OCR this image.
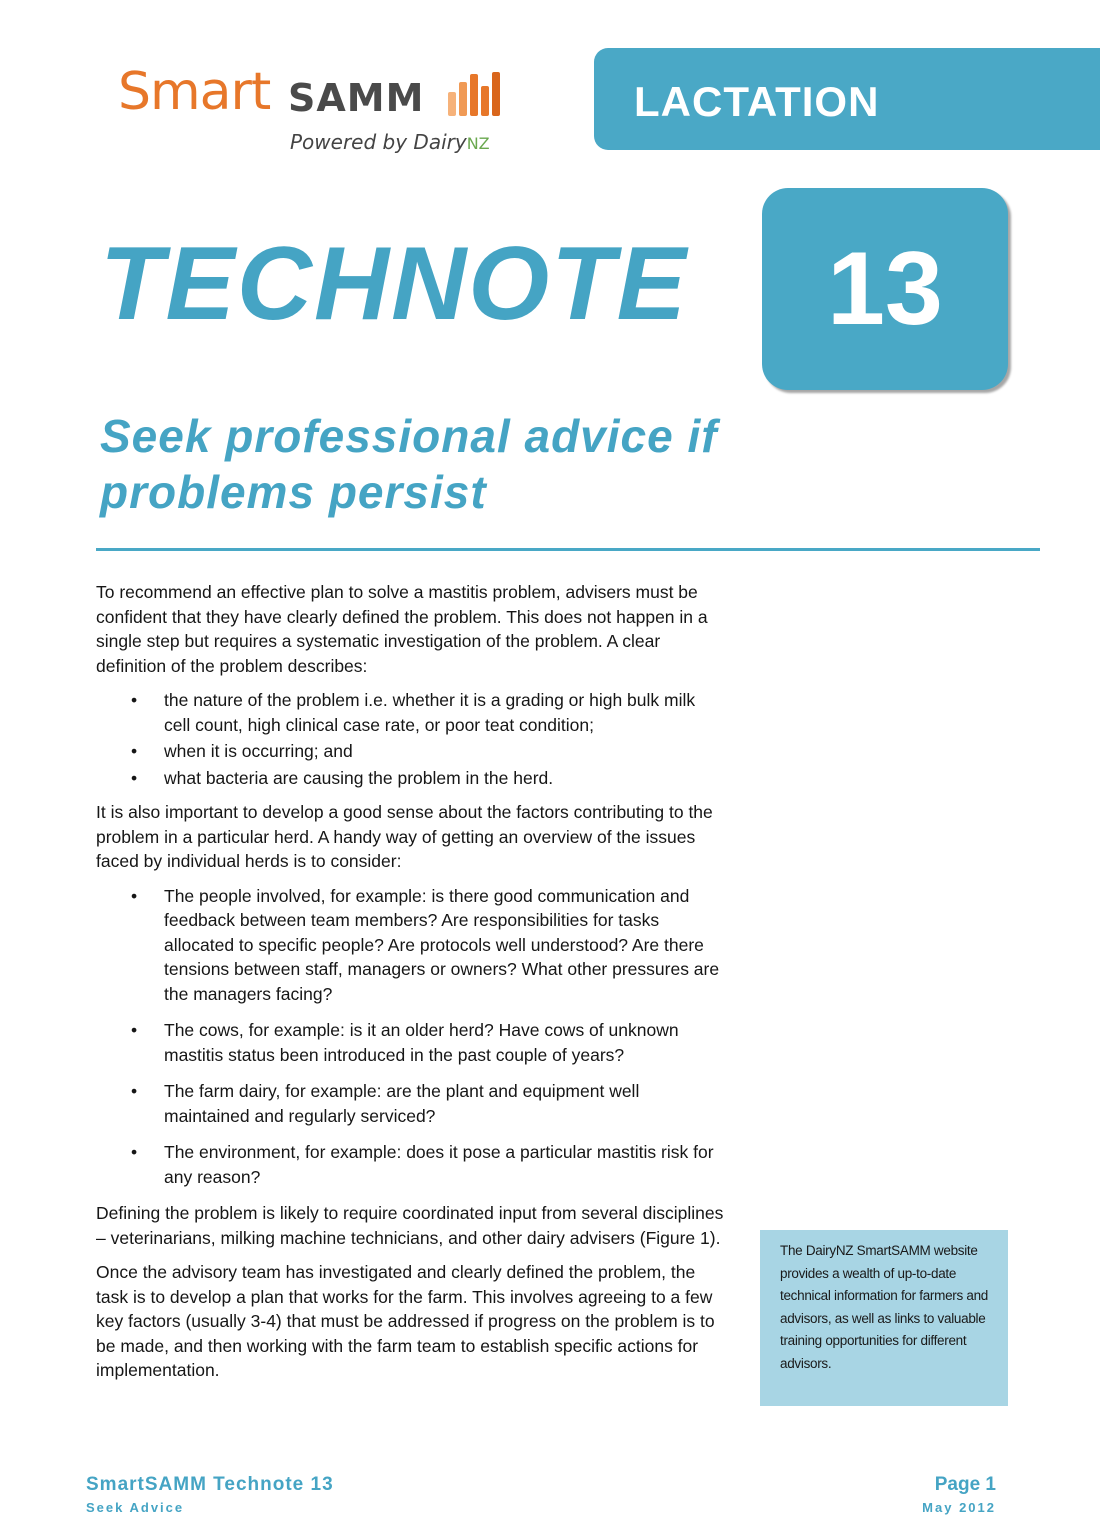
Smart SAMM
Powered by DairyNZ
LACTATION
TECHNOTE	13
Seek professional advice if
problems persist

To recommend an effective plan to solve a mastitis problem, advisers must be confident that they have clearly defined the problem. This does not happen in a single step but requires a systematic investigation of the problem. A clear definition of the problem describes:

• the nature of the problem i.e. whether it is a grading or high bulk milk cell count, high clinical case rate, or poor teat condition;
• when it is occurring; and
• what bacteria are causing the problem in the herd.

It is also important to develop a good sense about the factors contributing to the problem in a particular herd. A handy way of getting an overview of the issues faced by individual herds is to consider:

• The people involved, for example: is there good communication and feedback between team members? Are responsibilities for tasks allocated to specific people? Are protocols well understood? Are there tensions between staff, managers or owners? What other pressures are the managers facing?
• The cows, for example: is it an older herd? Have cows of unknown mastitis status been introduced in the past couple of years?
• The farm dairy, for example: are the plant and equipment well maintained and regularly serviced?
• The environment, for example: does it pose a particular mastitis risk for any reason?

Defining the problem is likely to require coordinated input from several disciplines – veterinarians, milking machine technicians, and other dairy advisers (Figure 1).

Once the advisory team has investigated and clearly defined the problem, the task is to develop a plan that works for the farm. This involves agreeing to a few key factors (usually 3-4) that must be addressed if progress on the problem is to be made, and then working with the farm team to establish specific actions for implementation.

The DairyNZ SmartSAMM website provides a wealth of up-to-date technical information for farmers and advisors, as well as links to valuable training opportunities for different advisors.
SmartSAMM Technote 13
Seek Advice
Page 1
May 2012
